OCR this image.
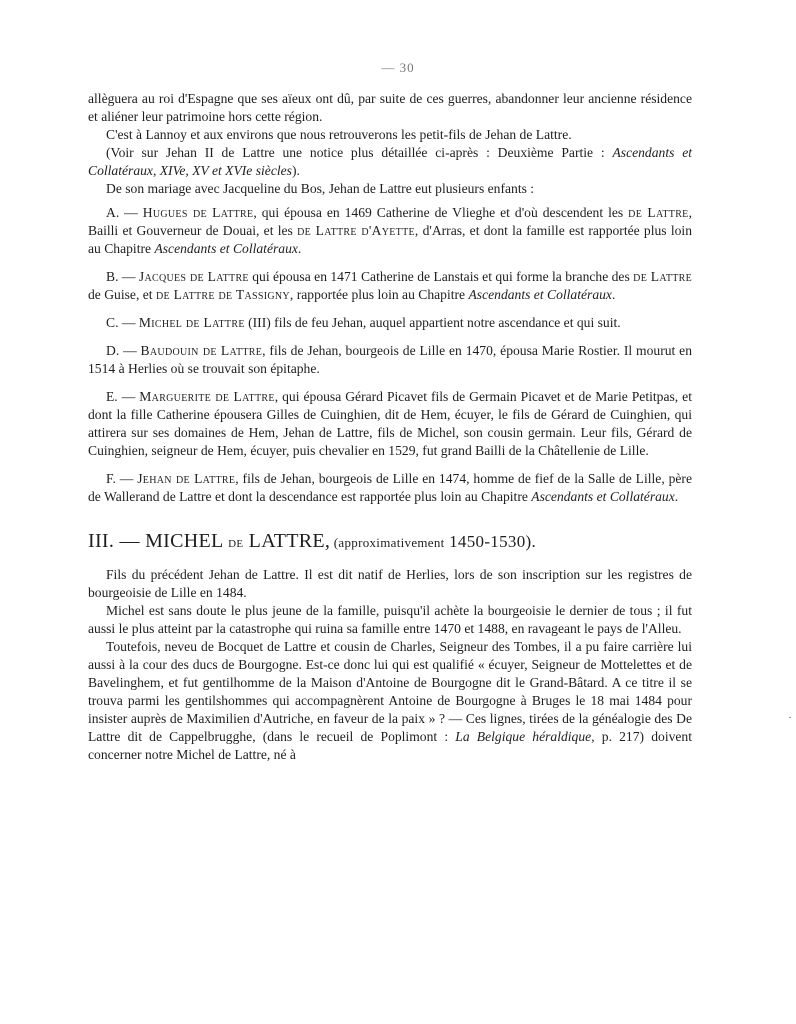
— 30

allèguera au roi d'Espagne que ses aïeux ont dû, par suite de ces guerres, abandonner leur ancienne résidence et aliéner leur patrimoine hors cette région.

C'est à Lannoy et aux environs que nous retrouverons les petit-fils de Jehan de Lattre.

(Voir sur Jehan II de Lattre une notice plus détaillée ci-après : Deuxième Partie : Ascendants et Collatéraux, XIVe, XV et XVIe siècles).

De son mariage avec Jacqueline du Bos, Jehan de Lattre eut plusieurs enfants :

A. — Hugues de Lattre, qui épousa en 1469 Catherine de Vlieghe et d'où descendent les de Lattre, Bailli et Gouverneur de Douai, et les de Lattre d'Ayette, d'Arras, et dont la famille est rapportée plus loin au Chapitre Ascendants et Collatéraux.

B. — Jacques de Lattre qui épousa en 1471 Catherine de Lanstais et qui forme la branche des de Lattre de Guise, et de Lattre de Tassigny, rapportée plus loin au Chapitre Ascendants et Collatéraux.

C. — Michel de Lattre (III) fils de feu Jehan, auquel appartient notre ascendance et qui suit.

D. — Baudouin de Lattre, fils de Jehan, bourgeois de Lille en 1470, épousa Marie Rostier. Il mourut en 1514 à Herlies où se trouvait son épitaphe.

E. — Marguerite de Lattre, qui épousa Gérard Picavet fils de Germain Picavet et de Marie Petitpas, et dont la fille Catherine épousera Gilles de Cuinghien, dit de Hem, écuyer, le fils de Gérard de Cuinghien, qui attirera sur ses domaines de Hem, Jehan de Lattre, fils de Michel, son cousin germain. Leur fils, Gérard de Cuinghien, seigneur de Hem, écuyer, puis chevalier en 1529, fut grand Bailli de la Châtellenie de Lille.

F. — Jehan de Lattre, fils de Jehan, bourgeois de Lille en 1474, homme de fief de la Salle de Lille, père de Wallerand de Lattre et dont la descendance est rapportée plus loin au Chapitre Ascendants et Collatéraux.

III. — MICHEL de LATTRE, (approximativement 1450-1530).

Fils du précédent Jehan de Lattre. Il est dit natif de Herlies, lors de son inscription sur les registres de bourgeoisie de Lille en 1484.

Michel est sans doute le plus jeune de la famille, puisqu'il achète la bourgeoisie le dernier de tous ; il fut aussi le plus atteint par la catastrophe qui ruina sa famille entre 1470 et 1488, en ravageant le pays de l'Alleu.

Toutefois, neveu de Bocquet de Lattre et cousin de Charles, Seigneur des Tombes, il a pu faire carrière lui aussi à la cour des ducs de Bourgogne. Est-ce donc lui qui est qualifié « écuyer, Seigneur de Mottelettes et de Bavelinghem, et fut gentilhomme de la Maison d'Antoine de Bourgogne dit le Grand-Bâtard. A ce titre il se trouva parmi les gentilshommes qui accompagnèrent Antoine de Bourgogne à Bruges le 18 mai 1484 pour insister auprès de Maximilien d'Autriche, en faveur de la paix » ? — Ces lignes, tirées de la généalogie des De Lattre dit de Cappelbrugghe, (dans le recueil de Poplimont : La Belgique héraldique, p. 217) doivent concerner notre Michel de Lattre, né à

·
